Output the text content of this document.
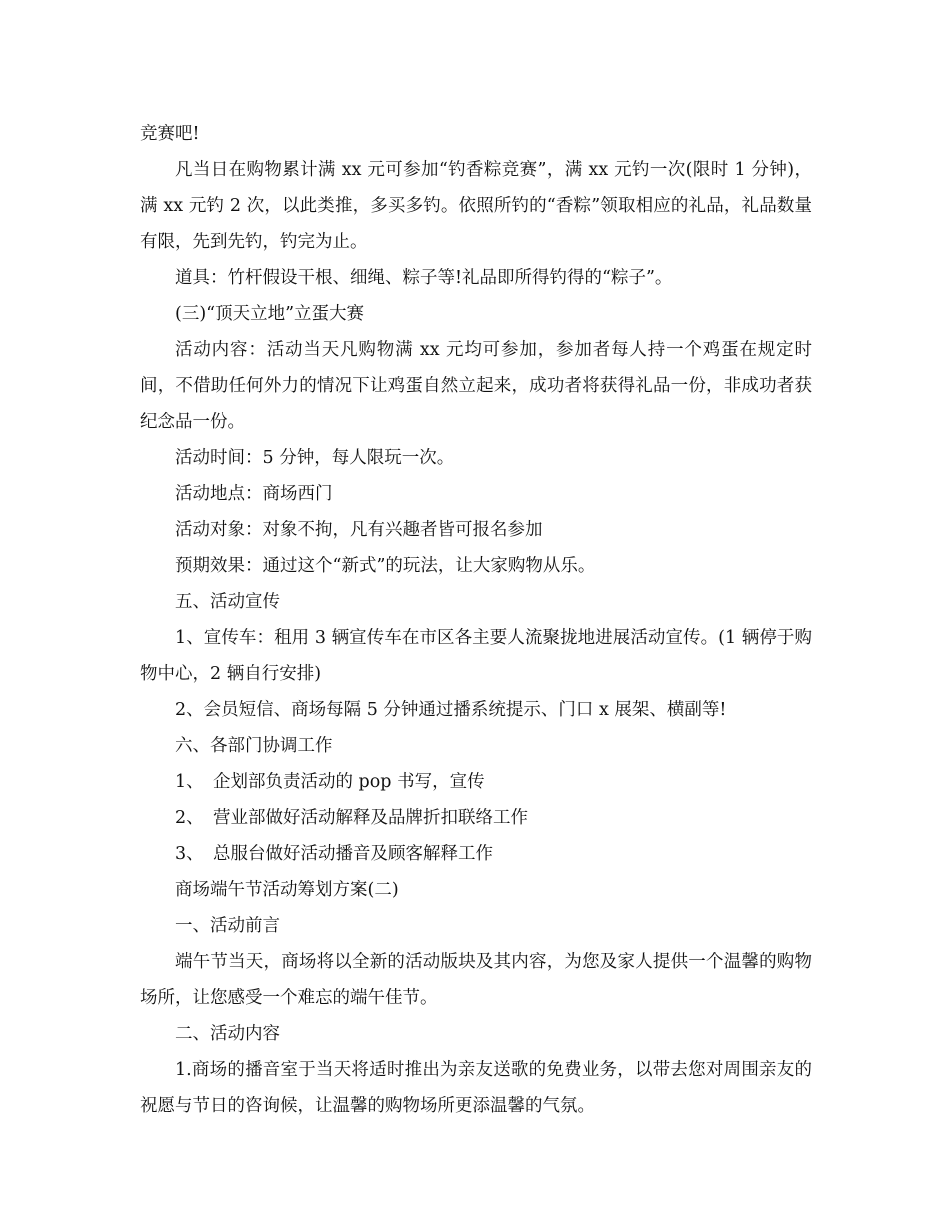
竞赛吧!

凡当日在购物累计满 xx 元可参加“钓香粽竞赛”，满 xx 元钓一次(限时 1 分钟)，满 xx 元钓 2 次，以此类推，多买多钓。依照所钓的“香粽”领取相应的礼品，礼品数量有限，先到先钓，钓完为止。

道具：竹杆假设干根、细绳、粽子等!礼品即所得钓得的“粽子”。

(三)“顶天立地”立蛋大赛

活动内容：活动当天凡购物满 xx 元均可参加，参加者每人持一个鸡蛋在规定时间，不借助任何外力的情况下让鸡蛋自然立起来，成功者将获得礼品一份，非成功者获纪念品一份。

活动时间：5 分钟，每人限玩一次。

活动地点：商场西门

活动对象：对象不拘，凡有兴趣者皆可报名参加

预期效果：通过这个“新式”的玩法，让大家购物从乐。

五、活动宣传

1、宣传车：租用 3 辆宣传车在市区各主要人流聚拢地进展活动宣传。(1 辆停于购物中心，2 辆自行安排)

2、会员短信、商场每隔 5 分钟通过播系统提示、门口 x 展架、横副等!

六、各部门协调工作

1、 企划部负责活动的 pop 书写，宣传

2、 营业部做好活动解释及品牌折扣联络工作

3、 总服台做好活动播音及顾客解释工作

商场端午节活动筹划方案(二)

一、活动前言

端午节当天，商场将以全新的活动版块及其内容，为您及家人提供一个温馨的购物场所，让您感受一个难忘的端午佳节。

二、活动内容

1.商场的播音室于当天将适时推出为亲友送歌的免费业务，以带去您对周围亲友的祝愿与节日的咨询候，让温馨的购物场所更添温馨的气氛。
